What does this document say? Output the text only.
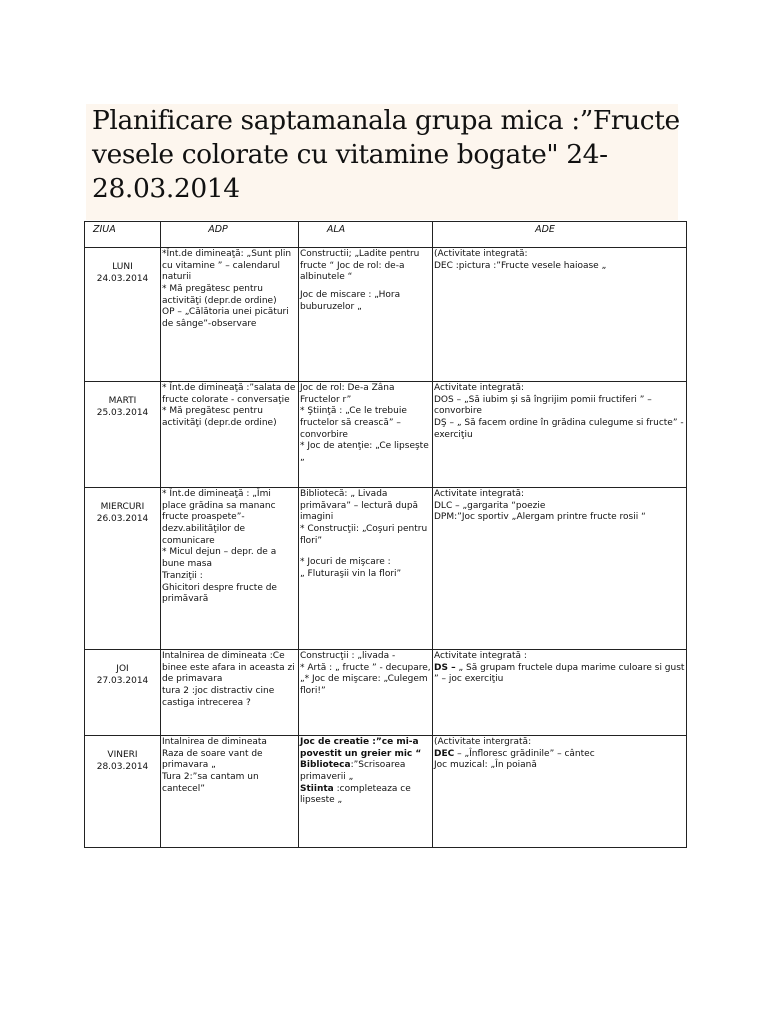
Planificare saptamanala grupa mica :”Fructe vesele colorate cu vitamine bogate" 24-28.03.2014
ZIUA	ADP	ALA	ADE

LUNI
24.03.2014	*Înt.de dimineaţă: „Sunt plin cu vitamine ” – calendarul naturii
* Mă pregătesc pentru activităţi (depr.de ordine)
OP – „Călătoria unei picături de sânge”-observare	Constructii; „Ladite pentru fructe “ Joc de rol: de-a albinutele “
Joc de miscare : „Hora buburuzelor „	(Activitate integrată:
DEC :pictura :”Fructe vesele haioase „

MARTI
25.03.2014	* Înt.de dimineaţă :”salata de fructe colorate - conversaţie
* Mă pregătesc pentru activităţi (depr.de ordine)	Joc de rol: De-a Zâna Fructelor r”
* Ştiinţă : „Ce le trebuie fructelor să crească” – convorbire
* Joc de atenţie: „Ce lipseşte „	Activitate integrată:
DOS – „Să iubim şi să îngrijim pomii fructiferi ” – convorbire
DŞ – „ Să facem ordine în grădina culegume si fructe” - exerciţiu

MIERCURI
26.03.2014	* Înt.de dimineaţă : „Îmi place grădina sa mananc fructe proaspete”- dezv.abilităţilor de comunicare
* Micul dejun – depr. de a bune masa
Tranziţii :
Ghicitori despre fructe de primăvară	Bibliotecă: „ Livada primăvara” – lectură după imagini
* Construcţii: „Coşuri pentru flori”
* Jocuri de mişcare :
„ Fluturaşii vin la flori”	Activitate integrată:
DLC – „gargarita “poezie
DPM:”Joc sportiv „Alergam printre fructe rosii “

JOI
27.03.2014	Intalnirea de dimineata :Ce binee este afara in aceasta zi de primavara
tura 2 :joc distractiv cine castiga intrecerea ?	Construcţii : „livada -
* Artă : „ fructe ” - decupare, „* Joc de mişcare: „Culegem flori!”	Activitate integrată :
DS – „ Să grupam fructele dupa marime culoare si gust ” – joc exerciţiu

VINERI
28.03.2014	Intalnirea de dimineata
Raza de soare vant de primavara „
Tura 2:”sa cantam un cantecel”	Joc de creatie :”ce mi-a povestit un greier mic “
Biblioteca:”Scrisoarea primaverii „
Stiinta :completeaza ce lipseste „	(Activitate intergrată:
DEC – „Înfloresc grădinile” – cântec
Joc muzical: „În poiană
